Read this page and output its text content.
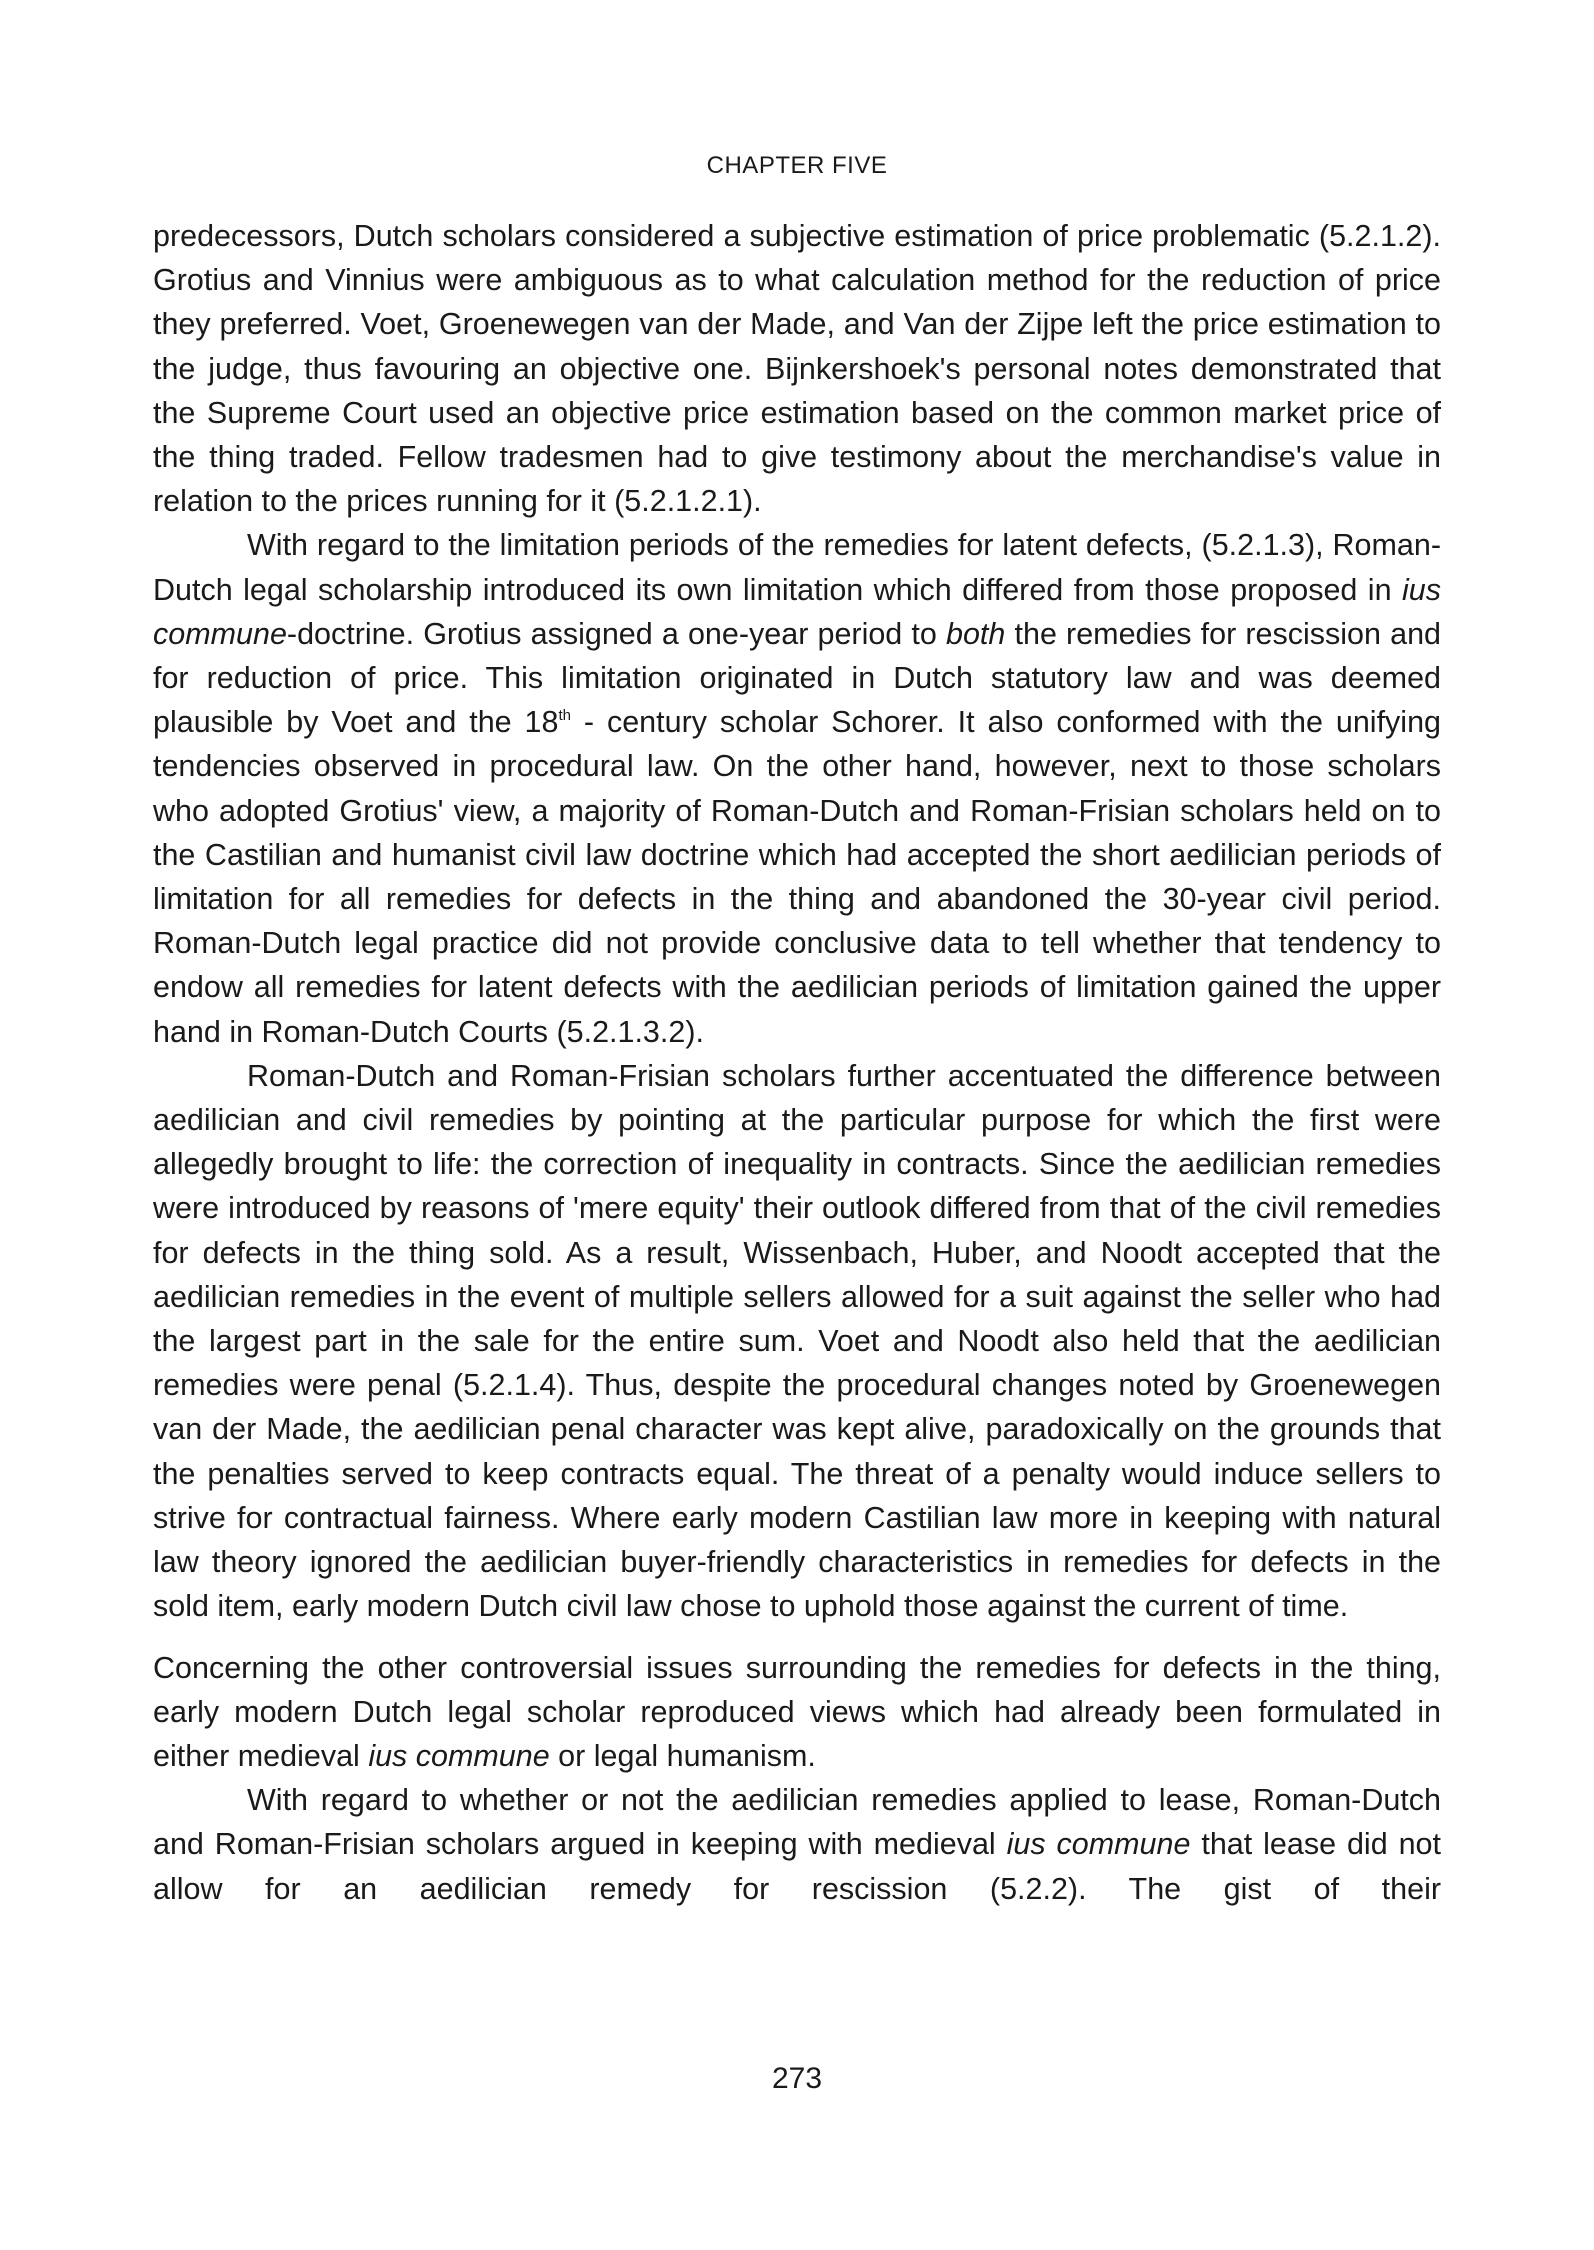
CHAPTER FIVE

predecessors, Dutch scholars considered a subjective estimation of price problematic (5.2.1.2). Grotius and Vinnius were ambiguous as to what calculation method for the reduction of price they preferred. Voet, Groenewegen van der Made, and Van der Zijpe left the price estimation to the judge, thus favouring an objective one. Bijnkershoek's personal notes demonstrated that the Supreme Court used an objective price estimation based on the common market price of the thing traded. Fellow tradesmen had to give testimony about the merchandise's value in relation to the prices running for it (5.2.1.2.1).

With regard to the limitation periods of the remedies for latent defects, (5.2.1.3), Roman-Dutch legal scholarship introduced its own limitation which differed from those proposed in ius commune-doctrine. Grotius assigned a one-year period to both the remedies for rescission and for reduction of price. This limitation originated in Dutch statutory law and was deemed plausible by Voet and the 18th - century scholar Schorer. It also conformed with the unifying tendencies observed in procedural law. On the other hand, however, next to those scholars who adopted Grotius' view, a majority of Roman-Dutch and Roman-Frisian scholars held on to the Castilian and humanist civil law doctrine which had accepted the short aedilician periods of limitation for all remedies for defects in the thing and abandoned the 30-year civil period. Roman-Dutch legal practice did not provide conclusive data to tell whether that tendency to endow all remedies for latent defects with the aedilician periods of limitation gained the upper hand in Roman-Dutch Courts (5.2.1.3.2).

Roman-Dutch and Roman-Frisian scholars further accentuated the difference between aedilician and civil remedies by pointing at the particular purpose for which the first were allegedly brought to life: the correction of inequality in contracts. Since the aedilician remedies were introduced by reasons of 'mere equity' their outlook differed from that of the civil remedies for defects in the thing sold. As a result, Wissenbach, Huber, and Noodt accepted that the aedilician remedies in the event of multiple sellers allowed for a suit against the seller who had the largest part in the sale for the entire sum. Voet and Noodt also held that the aedilician remedies were penal (5.2.1.4). Thus, despite the procedural changes noted by Groenewegen van der Made, the aedilician penal character was kept alive, paradoxically on the grounds that the penalties served to keep contracts equal. The threat of a penalty would induce sellers to strive for contractual fairness. Where early modern Castilian law more in keeping with natural law theory ignored the aedilician buyer-friendly characteristics in remedies for defects in the sold item, early modern Dutch civil law chose to uphold those against the current of time.

Concerning the other controversial issues surrounding the remedies for defects in the thing, early modern Dutch legal scholar reproduced views which had already been formulated in either medieval ius commune or legal humanism.

With regard to whether or not the aedilician remedies applied to lease, Roman-Dutch and Roman-Frisian scholars argued in keeping with medieval ius commune that lease did not allow for an aedilician remedy for rescission (5.2.2). The gist of their

273
